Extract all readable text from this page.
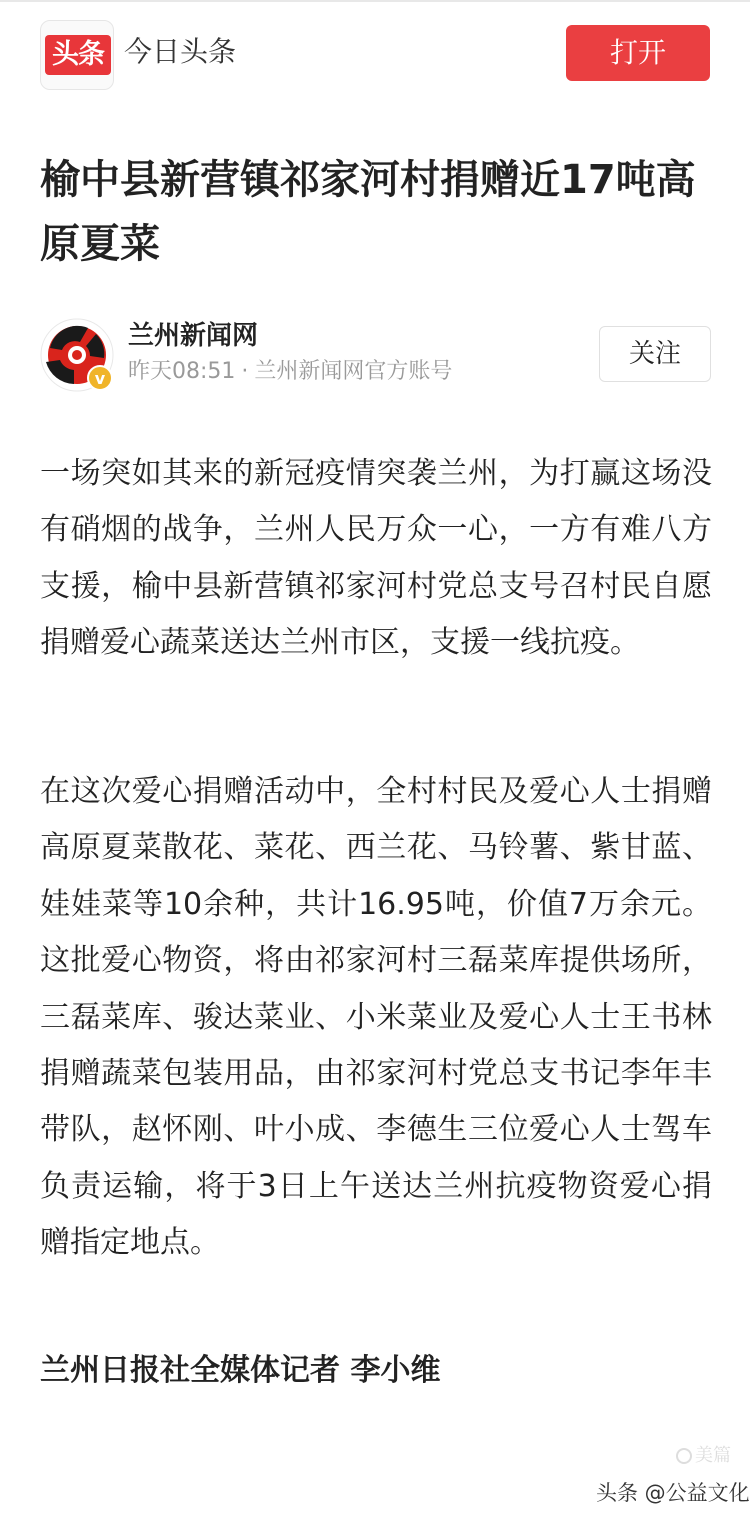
头条 今日头条	打开
榆中县新营镇祁家河村捐赠近17吨高原夏菜
v
兰州新闻网
昨天08:51 · 兰州新闻网官方账号
关注

一场突如其来的新冠疫情突袭兰州，为打赢这场没有硝烟的战争，兰州人民万众一心，一方有难八方支援，榆中县新营镇祁家河村党总支号召村民自愿捐赠爱心蔬菜送达兰州市区，支援一线抗疫。

在这次爱心捐赠活动中，全村村民及爱心人士捐赠高原夏菜散花、菜花、西兰花、马铃薯、紫甘蓝、娃娃菜等10余种，共计16.95吨，价值7万余元。这批爱心物资，将由祁家河村三磊菜库提供场所，三磊菜库、骏达菜业、小米菜业及爱心人士王书林捐赠蔬菜包装用品，由祁家河村党总支书记李年丰带队，赵怀刚、叶小成、李德生三位爱心人士驾车负责运输，将于3日上午送达兰州抗疫物资爱心捐赠指定地点。

兰州日报社全媒体记者 李小维
美篇
头条 @公益文化
